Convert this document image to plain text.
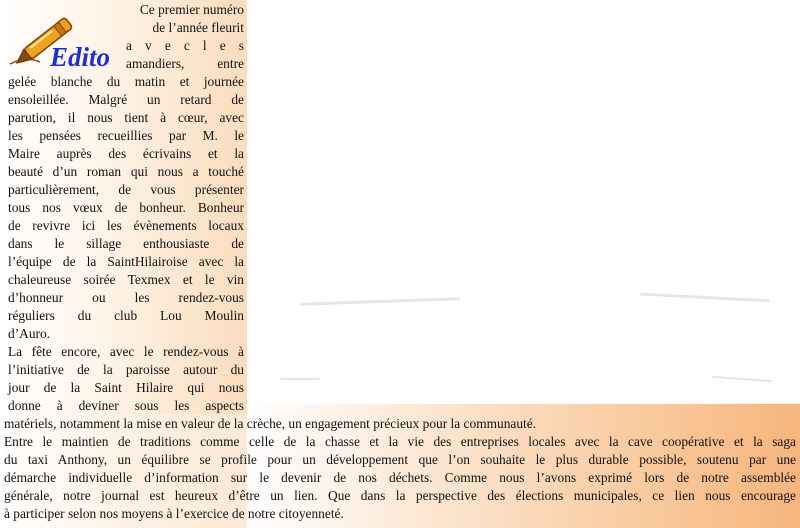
Edito
Ce premier numéro
de l’année fleurit
a v e c l e s
amandiers, entre
gelée blanche du matin et journée
ensoleillée. Malgré un retard de
parution, il nous tient à cœur, avec
les pensées recueillies par M. le
Maire auprès des écrivains et la
beauté d’un roman qui nous a touché
particulièrement, de vous présenter
tous nos vœux de bonheur. Bonheur
de revivre ici les évènements locaux
dans le sillage enthousiaste de
l’équipe de la SaintHilairoise avec la
chaleureuse soirée Texmex et le vin
d’honneur ou les rendez-vous
réguliers du club Lou Moulin
d’Auro.
La fête encore, avec le rendez-vous à
l’initiative de la paroisse autour du
jour de la Saint Hilaire qui nous
donne à deviner sous les aspects
matériels, notamment la mise en valeur de la crèche, un engagement précieux pour la communauté.
Entre le maintien de traditions comme celle de la chasse et la vie des entreprises locales avec la cave coopérative et la saga
du taxi Anthony, un équilibre se profile pour un développement que l’on souhaite le plus durable possible, soutenu par une
démarche individuelle d’information sur le devenir de nos déchets. Comme nous l’avons exprimé lors de notre assemblée
générale, notre journal est heureux d’être un lien. Que dans la perspective des élections municipales, ce lien nous encourage
à participer selon nos moyens à l’exercice de notre citoyenneté.
